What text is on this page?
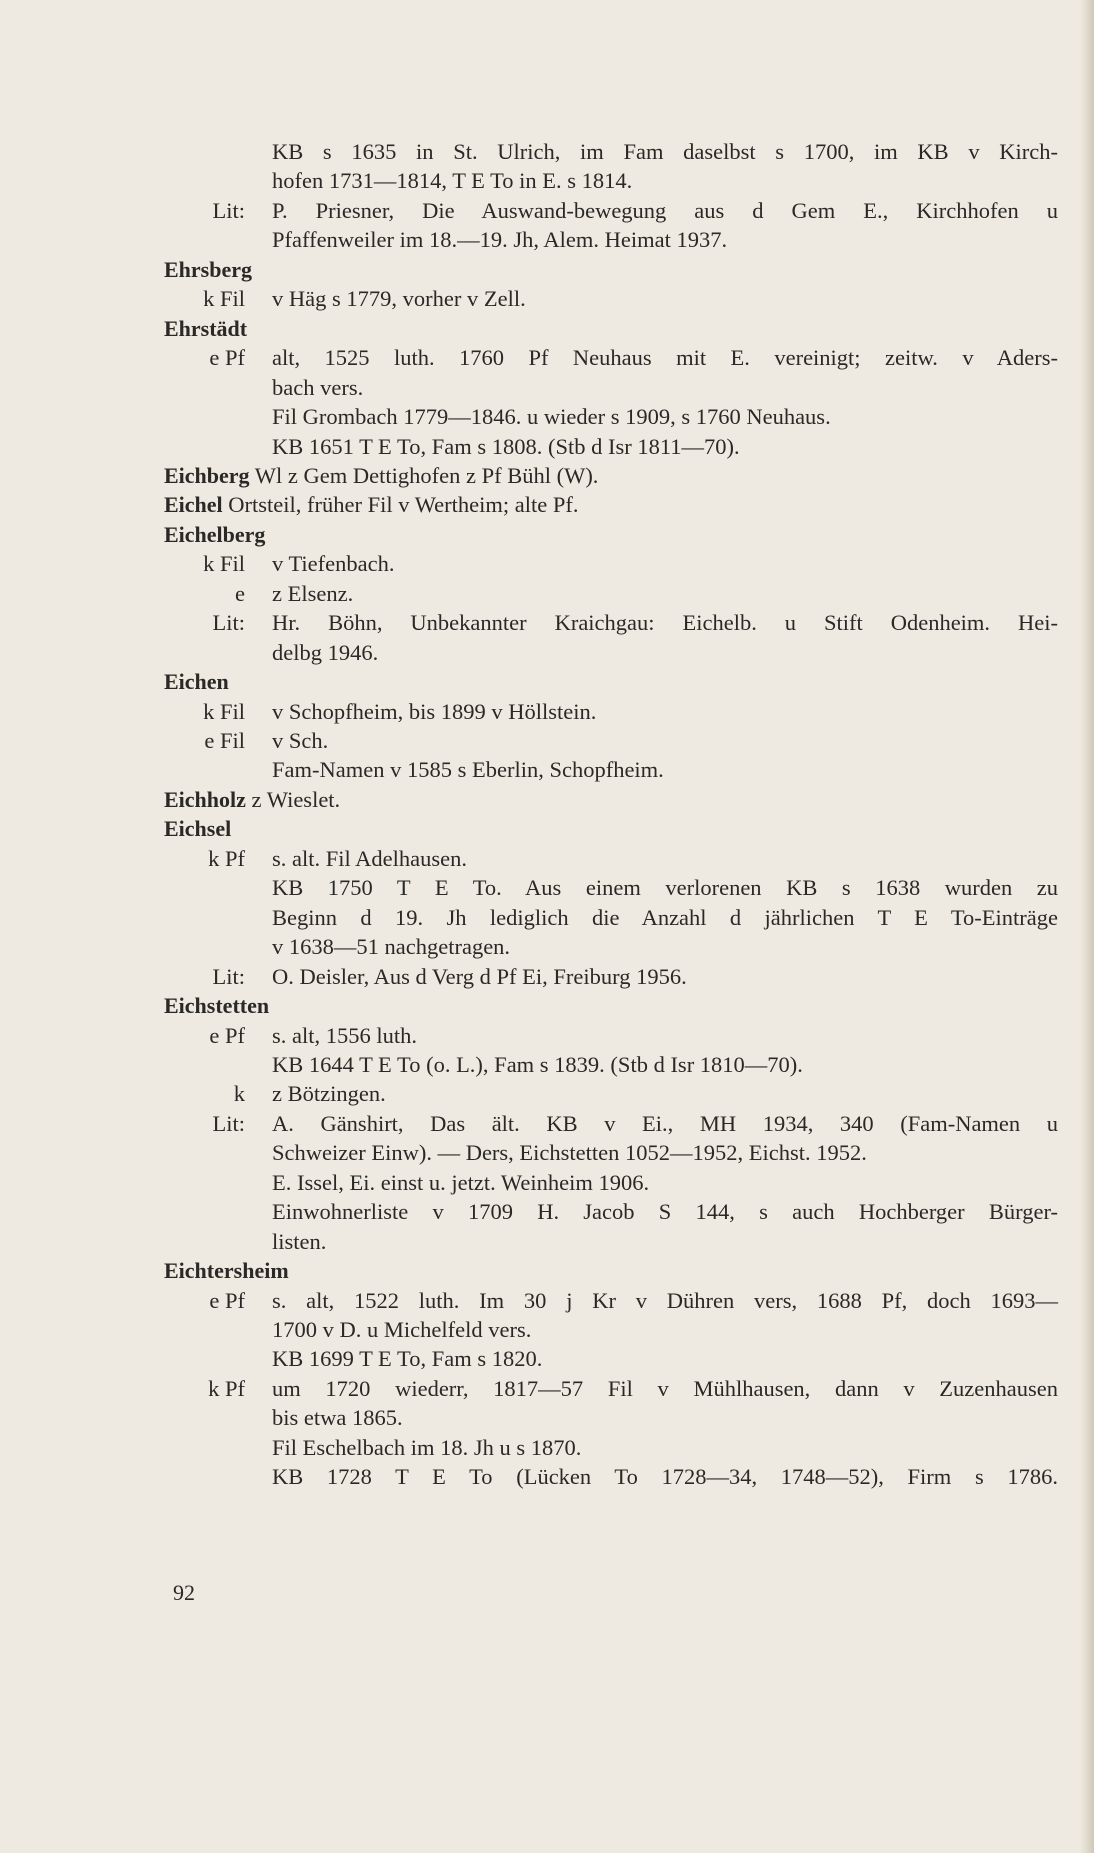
KB s 1635 in St. Ulrich, im Fam daselbst s 1700, im KB v Kirch-
hofen 1731—1814, T E To in E. s 1814.
Lit: P. Priesner, Die Auswand-bewegung aus d Gem E., Kirchhofen u
Pfaffenweiler im 18.—19. Jh, Alem. Heimat 1937.
Ehrsberg
k Fil v Häg s 1779, vorher v Zell.
Ehrstädt
e Pf alt, 1525 luth. 1760 Pf Neuhaus mit E. vereinigt; zeitw. v Aders-
bach vers.
Fil Grombach 1779—1846. u wieder s 1909, s 1760 Neuhaus.
KB 1651 T E To, Fam s 1808. (Stb d Isr 1811—70).
Eichberg Wl z Gem Dettighofen z Pf Bühl (W).
Eichel Ortsteil, früher Fil v Wertheim; alte Pf.
Eichelberg
k Fil v Tiefenbach.
e z Elsenz.
Lit: Hr. Böhn, Unbekannter Kraichgau: Eichelb. u Stift Odenheim. Hei-
delbg 1946.
Eichen
k Fil v Schopfheim, bis 1899 v Höllstein.
e Fil v Sch.
Fam-Namen v 1585 s Eberlin, Schopfheim.
Eichholz z Wieslet.
Eichsel
k Pf s. alt. Fil Adelhausen.
KB 1750 T E To. Aus einem verlorenen KB s 1638 wurden zu
Beginn d 19. Jh lediglich die Anzahl d jährlichen T E To-Einträge
v 1638—51 nachgetragen.
Lit: O. Deisler, Aus d Verg d Pf Ei, Freiburg 1956.
Eichstetten
e Pf s. alt, 1556 luth.
KB 1644 T E To (o. L.), Fam s 1839. (Stb d Isr 1810—70).
k z Bötzingen.
Lit: A. Gänshirt, Das ält. KB v Ei., MH 1934, 340 (Fam-Namen u
Schweizer Einw). — Ders, Eichstetten 1052—1952, Eichst. 1952.
E. Issel, Ei. einst u. jetzt. Weinheim 1906.
Einwohnerliste v 1709 H. Jacob S 144, s auch Hochberger Bürger-
listen.
Eichtersheim
e Pf s. alt, 1522 luth. Im 30 j Kr v Dühren vers, 1688 Pf, doch 1693—
1700 v D. u Michelfeld vers.
KB 1699 T E To, Fam s 1820.
k Pf um 1720 wiederr, 1817—57 Fil v Mühlhausen, dann v Zuzenhausen
bis etwa 1865.
Fil Eschelbach im 18. Jh u s 1870.
KB 1728 T E To (Lücken To 1728—34, 1748—52), Firm s 1786.
92
